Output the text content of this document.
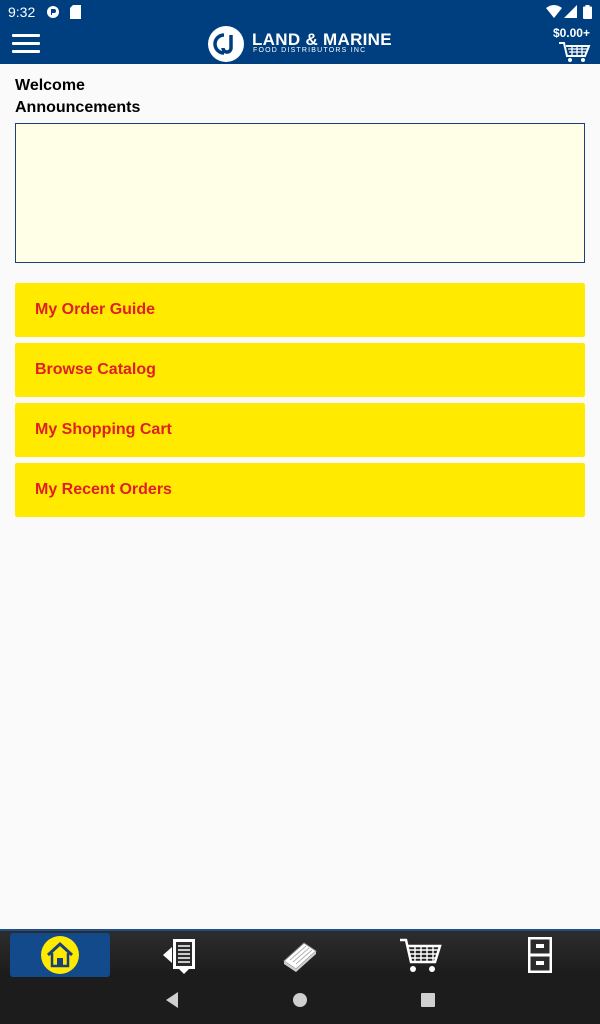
9:32
LAND & MARINE
FOOD DISTRIBUTORS INC
$0.00+
Welcome
Announcements
My Order Guide
Browse Catalog
My Shopping Cart
My Recent Orders
